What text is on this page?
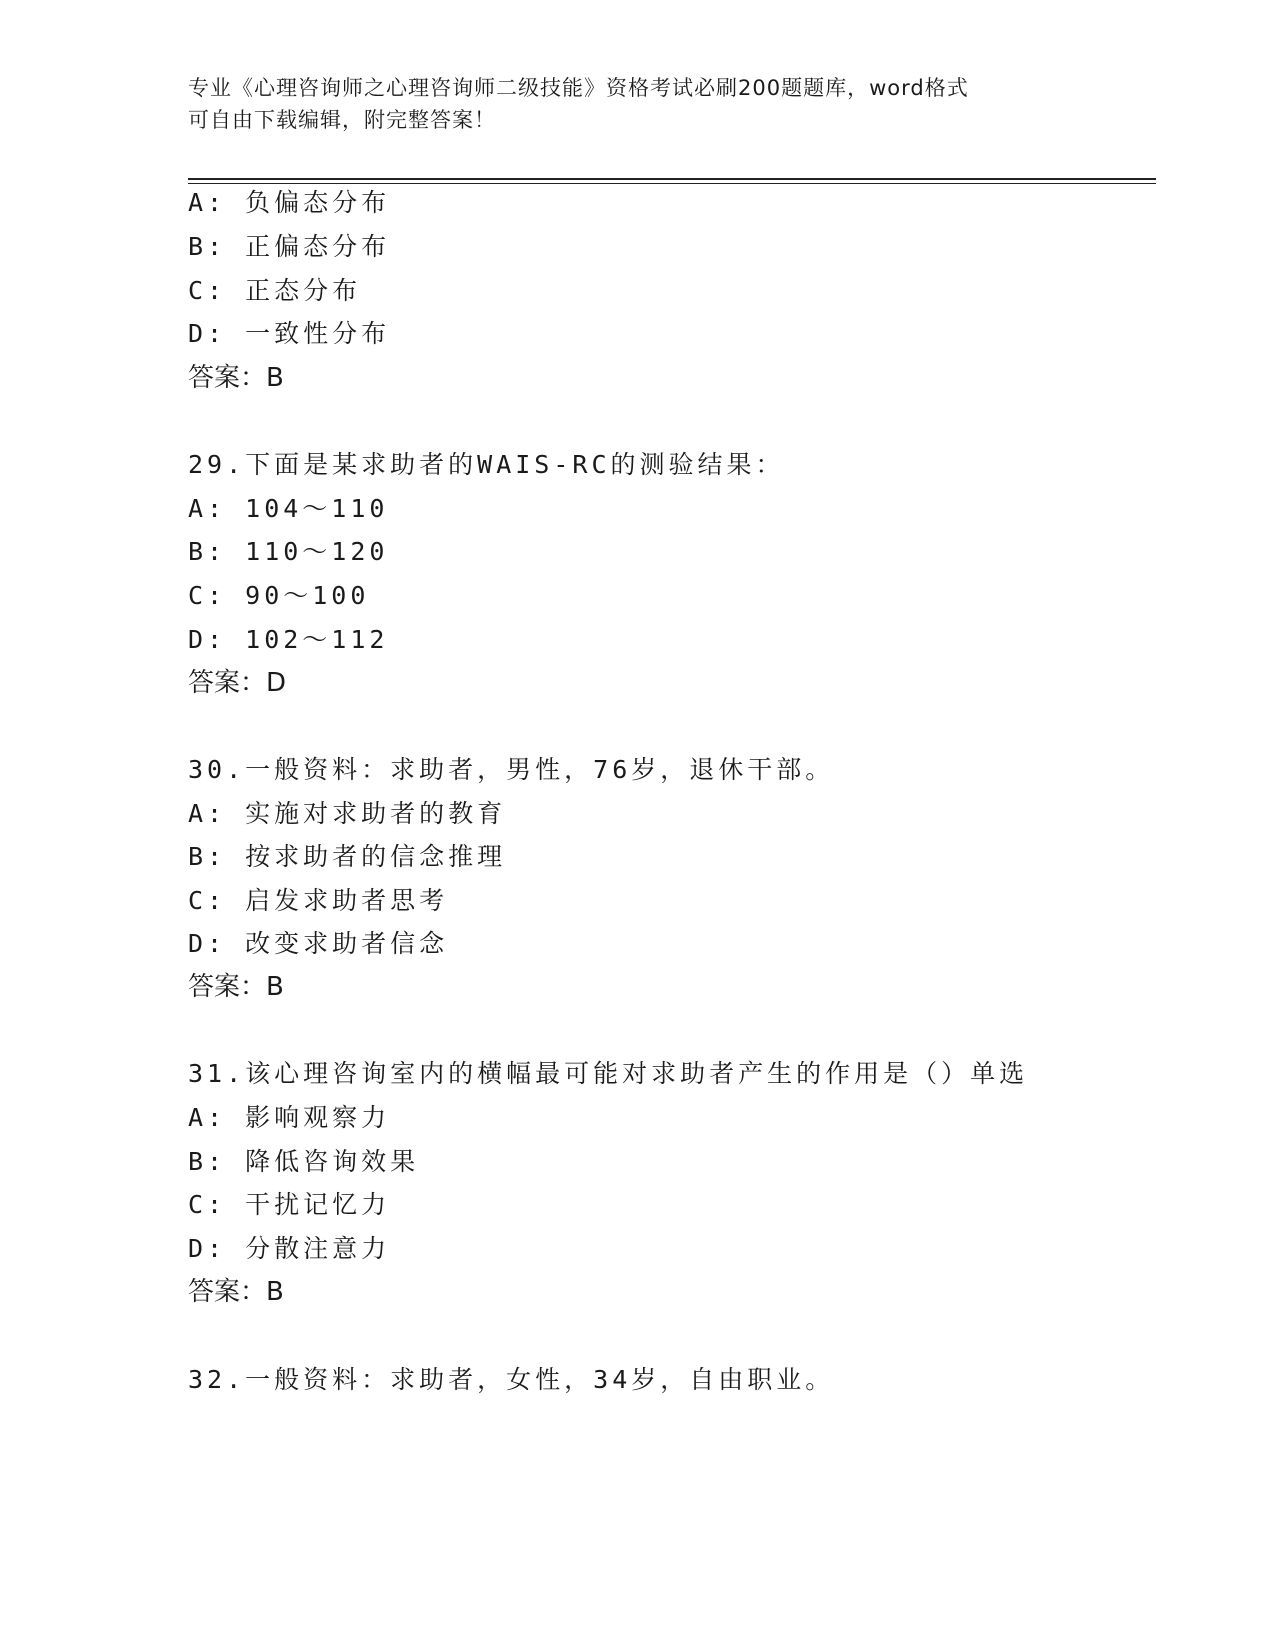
专业《心理咨询师之心理咨询师二级技能》资格考试必刷200题题库，word格式
可自由下载编辑，附完整答案！
A: 负偏态分布
B: 正偏态分布
C: 正态分布
D: 一致性分布
答案：B
29.下面是某求助者的WAIS-RC的测验结果：
A: 104～110
B: 110～120
C: 90～100
D: 102～112
答案：D
30.一般资料：求助者，男性，76岁，退休干部。
A: 实施对求助者的教育
B: 按求助者的信念推理
C: 启发求助者思考
D: 改变求助者信念
答案：B
31.该心理咨询室内的横幅最可能对求助者产生的作用是（）单选
A: 影响观察力
B: 降低咨询效果
C: 干扰记忆力
D: 分散注意力
答案：B
32.一般资料：求助者，女性，34岁，自由职业。
